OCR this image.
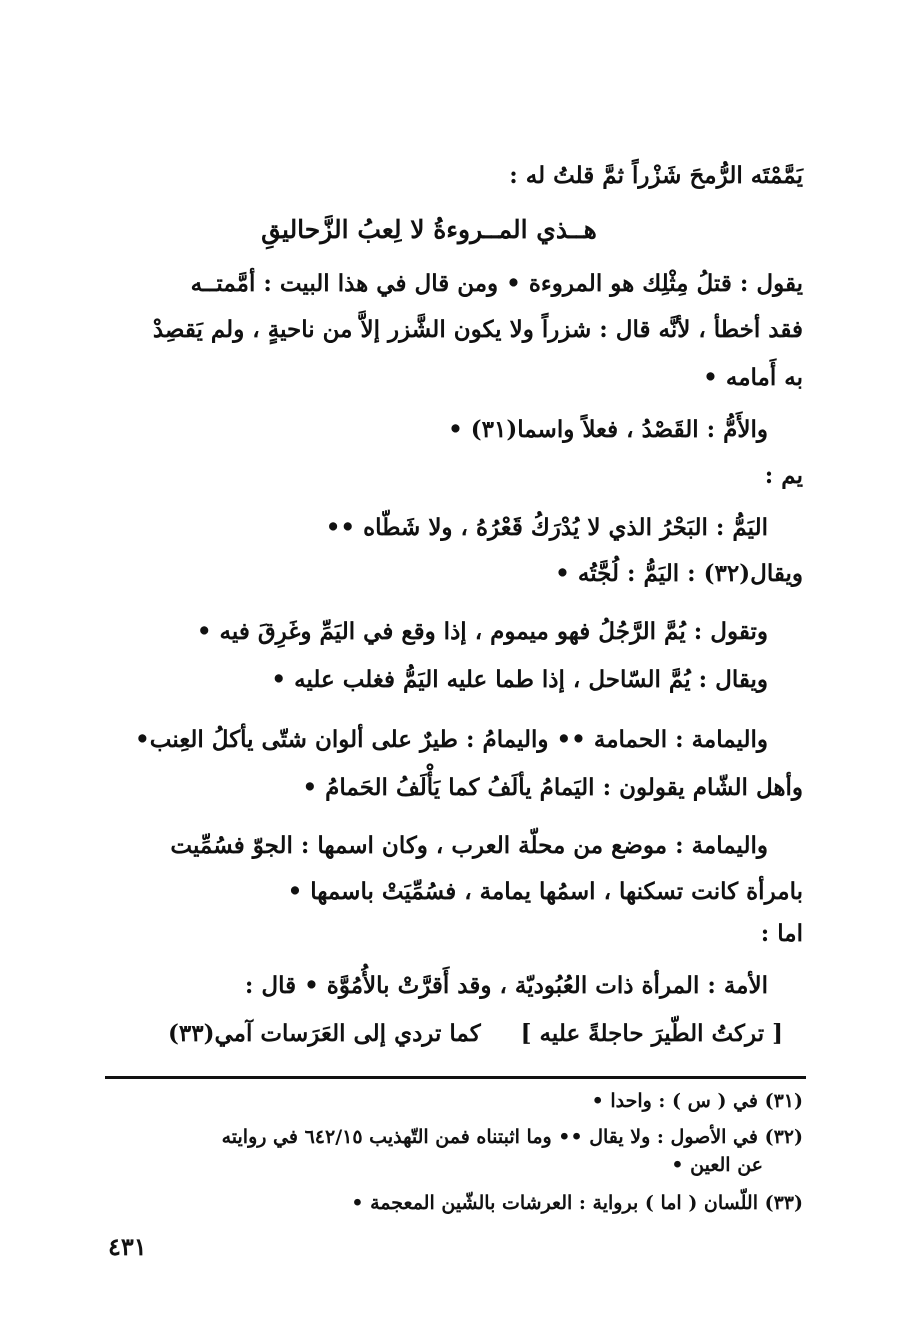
يَمَّمْتَه الرُّمحَ شَزْراً ثمَّ قلتُ له :
هــذي المــروءةُ لا لِعبُ الزَّحاليقِ
يقول : قتلُ مِثْلِك هو المروءة • ومن قال في هذا البيت : أمَّمتــه
فقد أخطأ ، لأنَّه قال : شزراً ولا يكون الشَّزر إلاَّ من ناحيةٍ ، ولم يَقصِدْ
به أَمامه •
والأَمُّ : القَصْدُ ، فعلاً واسما(٣١) •
يم :
اليَمُّ : البَحْرُ الذي لا يُدْرَكُ قَعْرُهُ ، ولا شَطّاه ••
ويقال(٣٢) : اليَمُّ : لُجَّتُه •
وتقول : يُمَّ الرَّجُلُ فهو ميموم ، إذا وقع في اليَمِّ وغَرِقَ فيه •
ويقال : يُمَّ السّاحل ، إذا طما عليه اليَمُّ فغلب عليه •
واليمامة : الحمامة •• واليمامُ : طيرٌ على ألوان شتّى يأكلُ العِنب•
وأهل الشّام يقولون : اليَمامُ يألَفُ كما يَأْلَفُ الحَمامُ •
واليمامة : موضع من محلّة العرب ، وكان اسمها : الجوّ فسُمِّيت
بامرأة كانت تسكنها ، اسمُها يمامة ، فسُمِّيَتْ باسمها •
اما :
الأمة : المرأة ذات العُبُوديّة ، وقد أَقرَّتْ بالأُمُوَّة • قال :
[ تركتُ الطّيرَ حاجلةً عليه ]
كما تردي إلى العَرَسات آمي(٣٣)
(٣١) في ( س ) : واحدا •
(٣٢) في الأصول : ولا يقال •• وما اثبتناه فمن التّهذيب ٦٤٢/١٥ في روايته
عن العين •
(٣٣) اللّسان ( اما ) برواية : العرشات بالشّين المعجمة •
٤٣١
